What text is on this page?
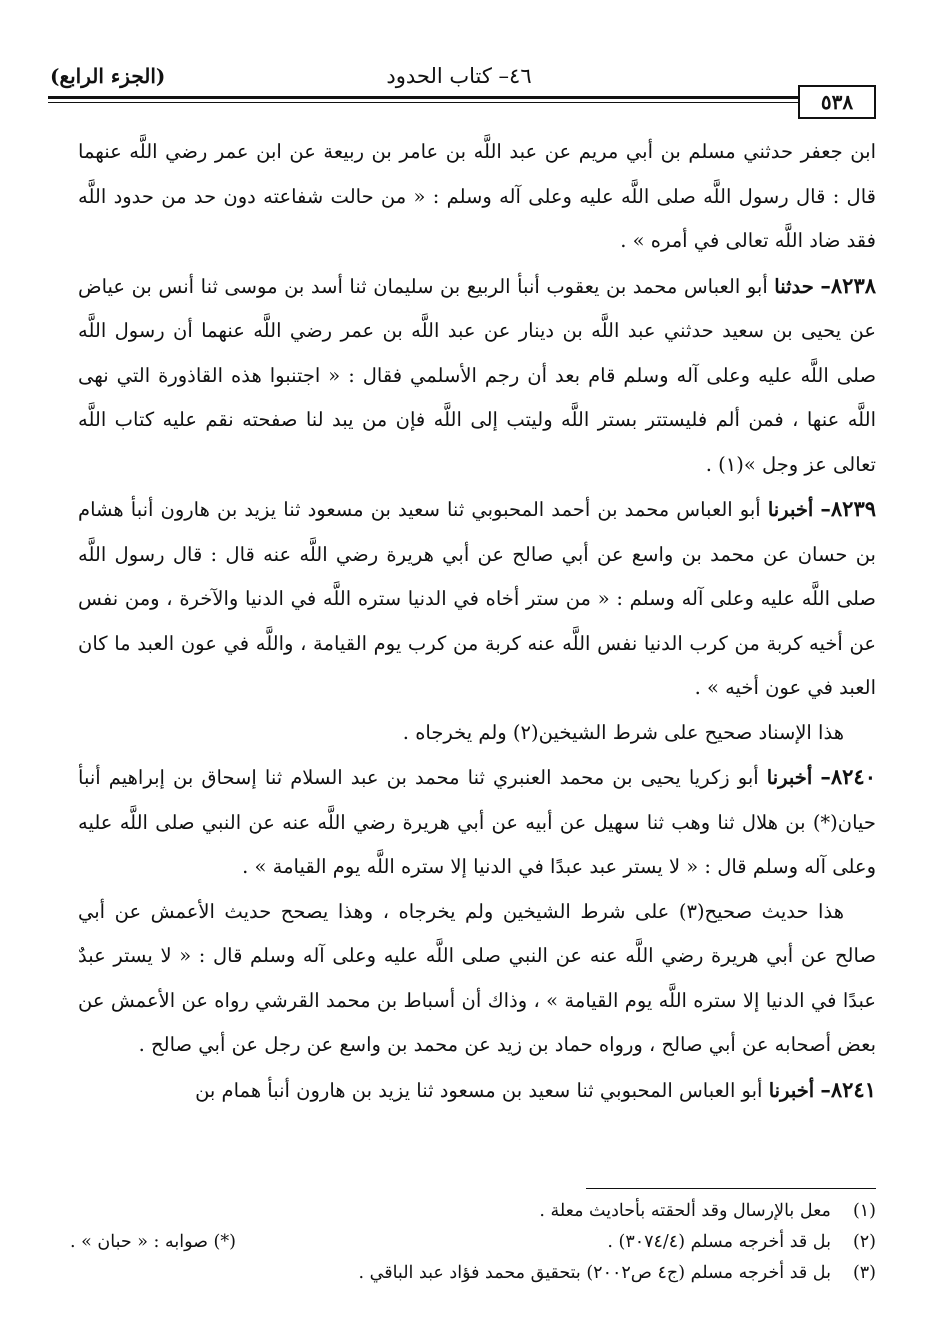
(الجزء الرابع)	٤٦– كتاب الحدود
٥٣٨

ابن جعفر حدثني مسلم بن أبي مريم عن عبد اللَّه بن عامر بن ربيعة عن ابن عمر رضي اللَّه عنهما قال : قال رسول اللَّه صلى اللَّه عليه وعلى آله وسلم : « من حالت شفاعته دون حد من حدود اللَّه فقد ضاد اللَّه تعالى في أمره » .

٨٢٣٨– حدثنا أبو العباس محمد بن يعقوب أنبأ الربيع بن سليمان ثنا أسد بن موسى ثنا أنس بن عياض عن يحيى بن سعيد حدثني عبد اللَّه بن دينار عن عبد اللَّه بن عمر رضي اللَّه عنهما أن رسول اللَّه صلى اللَّه عليه وعلى آله وسلم قام بعد أن رجم الأسلمي فقال : « اجتنبوا هذه القاذورة التي نهى اللَّه عنها ، فمن ألم فليستتر بستر اللَّه وليتب إلى اللَّه فإن من يبد لنا صفحته نقم عليه كتاب اللَّه تعالى عز وجل »(١) .

٨٢٣٩– أخبرنا أبو العباس محمد بن أحمد المحبوبي ثنا سعيد بن مسعود ثنا يزيد بن هارون أنبأ هشام بن حسان عن محمد بن واسع عن أبي صالح عن أبي هريرة رضي اللَّه عنه قال : قال رسول اللَّه صلى اللَّه عليه وعلى آله وسلم : « من ستر أخاه في الدنيا ستره اللَّه في الدنيا والآخرة ، ومن نفس عن أخيه كربة من كرب الدنيا نفس اللَّه عنه كربة من كرب يوم القيامة ، واللَّه في عون العبد ما كان العبد في عون أخيه » .

هذا الإسناد صحيح على شرط الشيخين(٢) ولم يخرجاه .

٨٢٤٠– أخبرنا أبو زكريا يحيى بن محمد العنبري ثنا محمد بن عبد السلام ثنا إسحاق بن إبراهيم أنبأ حيان(*) بن هلال ثنا وهب ثنا سهيل عن أبيه عن أبي هريرة رضي اللَّه عنه عن النبي صلى اللَّه عليه وعلى آله وسلم قال : « لا يستر عبد عبدًا في الدنيا إلا ستره اللَّه يوم القيامة » .

هذا حديث صحيح(٣) على شرط الشيخين ولم يخرجاه ، وهذا يصحح حديث الأعمش عن أبي صالح عن أبي هريرة رضي اللَّه عنه عن النبي صلى اللَّه عليه وعلى آله وسلم قال : « لا يستر عبدٌ عبدًا في الدنيا إلا ستره اللَّه يوم القيامة » ، وذاك أن أسباط بن محمد القرشي رواه عن الأعمش عن بعض أصحابه عن أبي صالح ، ورواه حماد بن زيد عن محمد بن واسع عن رجل عن أبي صالح .

٨٢٤١– أخبرنا أبو العباس المحبوبي ثنا سعيد بن مسعود ثنا يزيد بن هارون أنبأ همام بن

(١)معل بالإرسال وقد ألحقته بأحاديث معلة .
(٢)بل قد أخرجه مسلم (٣٠٧٤/٤) .
(*) صوابه : « حبان » .
(٣)بل قد أخرجه مسلم (ج٤ ص٢٠٠٢) بتحقيق محمد فؤاد عبد الباقي .
